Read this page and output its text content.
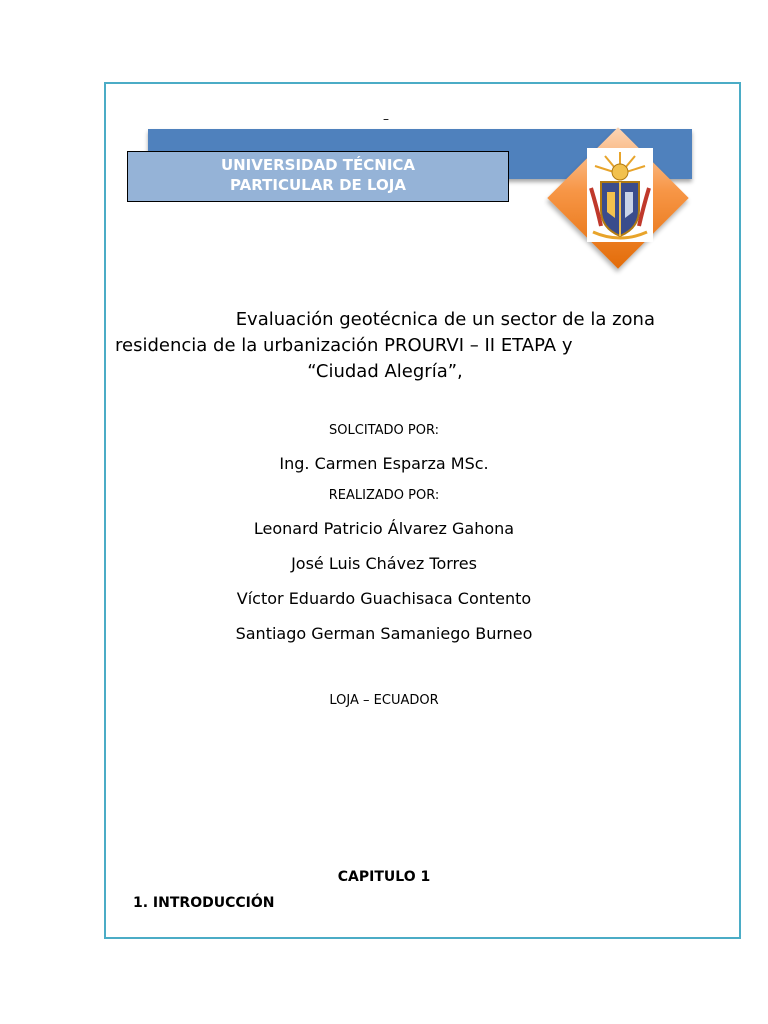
–
UNIVERSIDAD TÉCNICA
PARTICULAR DE LOJA
Evaluación geotécnica de un sector de la zona
residencia de la urbanización PROURVI – II ETAPA y
“Ciudad Alegría”,
SOLCITADO POR:
Ing. Carmen Esparza MSc.
REALIZADO POR:
Leonard Patricio Álvarez Gahona
José Luis Chávez Torres
Víctor Eduardo Guachisaca Contento
Santiago German Samaniego Burneo
LOJA – ECUADOR
CAPITULO 1
1. INTRODUCCIÓN
